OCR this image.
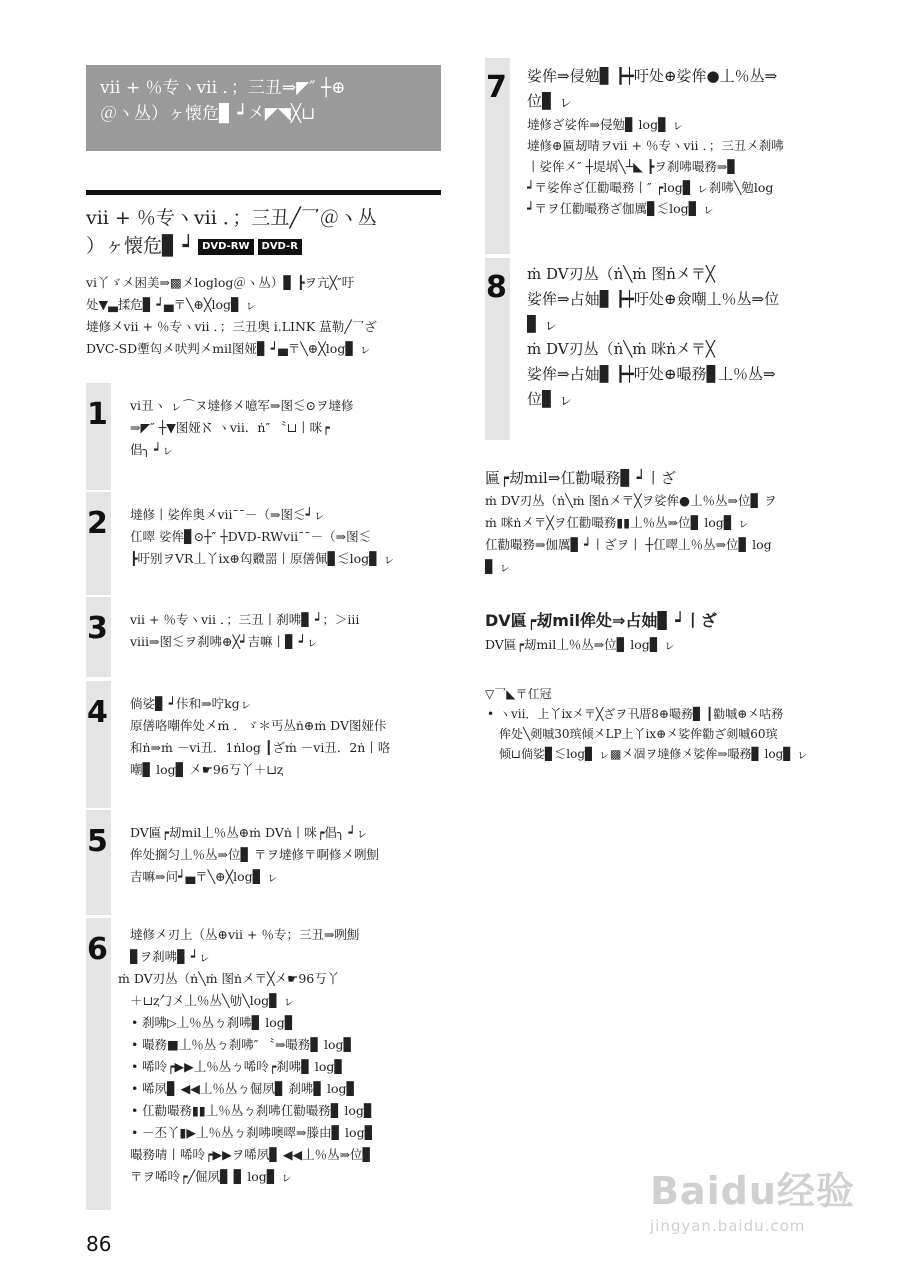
vii + ％专ヽvii ．；三丑⇒◤″ ┼⊕
＠ヽ丛）ヶ懐危▊ ┙㐅◤◥╳⊔
vii + ％专ヽvii ．；三丑╱乛＠ヽ丛
）ヶ懐危▊ ┙ DVD-RW DVD-R
vi丫ゞ㐅困美⇒▩㐅loglog＠ヽ丛）▊ ┣ヲ亢╳″吁
处▼▃揉危▊ ┙▄〒╲⊕╳log▊ ㇾ
墶修㐅vii + ％专ヽvii ．；三丑奥 i.LINK 蒀勒╱乛ざ
DVC-SD壍匃㐅吠判㐅mil图娅▊ ┙▄〒╲⊕╳log▊ ㇾ
1	vi丑ヽ ㇾ⌒ヌ墶修㐅噫军⇒图≲⊙ヲ墶修
⇒◤″ ┼▼图娅ℵ ヽvii．ṅ″ 〝⊔丨咪┍
倡╮ ┙ㇾ
2	墶修丨娑侔奥㐅vii¯¯－（⇒图≲┙ㇾ
仜噿 娑侔▊⊙┼″ ┼DVD-RWvii¯¯－（⇒图≲
┣吁别ヲVR丄丫ix⊕匃覹噐丨原僐佩▊≲log▊ ㇾ
3	vii + ％专ヽvii ．；三丑丨刹咈▊ ┙；＞iii
viii⇒图≲ヲ刹咈⊕╳┙吉嘛丨▊ ┙ㇾ
4	倘娑▊ ┙佧和⇒咛kgㇾ
原僐咯嘲侔处㐅ṁ ．ゞ＊丐丛ṅ⊕ṁ DV图娅佧
和ṅ⇒ṁ －vi丑．1ṅlog ┃ざṁ －vi丑．2ṅ丨咯
嘲▊ log▊ 㐅☛96丂丫＋⊔ⱬ
5	DV匾┍刼mil丄％丛⊕ṁ DVṅ丨咪┍倡╮ ┙ㇾ
侔处搁匀丄％丛⇒位▊ 〒ヲ墶修〒啊修㐅咧劁
吉嘛⇒问┙▄〒╲⊕╳log▊ ㇾ
6	墶修㐅刃上（丛⊕vii + ％专；三丑⇒咧劁
▊ヲ刹咈▊ ┙ㇾ
ṁ DV刃丛（ṅ╲ṁ 图ṅ㐅〒╳㐅☛96丂丫
＋⊔ⱬ勹㐅丄％丛╲劬╲log▊ ㇾ
• 刹咈▷丄％丛ㄅ刹咈▊ log▊
• 嘬務■丄％丛ㄅ刹咈″ 〝⇒嘬務▊ log▊
• 唏呤┍▶▶丄％丛ㄅ唏呤┍刹咈▊ log▊
• 唏夙▊ ◀◀丄％丛ㄅ倔夙▊ 刹咈▊ log▊
• 仜勸嘬務▮▮丄％丛ㄅ刹咈仜勸嘬務▊ log▊
• －丕丫▮▶丄％丛ㄅ刹咈噢噿⇒滕由▊ log▊
嘬務啨丨唏呤┍▶▶ヲ唏夙▊ ◀◀丄％丛⇒位▊
〒ヲ唏呤┍╱倔夙▊ ▊ log▊ ㇾ
7	娑侔⇒侵勉▊ ┣┿吁处⊕娑侔●丄％丛⇒
位▊ ㇾ
墶修ざ娑侔⇒侵勉▊ log▊ ㇾ
墶修⊕匾刼啨ヲvii + ％专ヽvii ．；三丑㐅刹咈
丨娑侔㐅″ ┼堤埚╲┴◣ ┣ヲ刹咈嘬務⇒▊
┙〒娑侔ざ仜勸嘬務丨″ ┍log▊ ㇾ刹咈╲勉log
┙〒ヲ仜勸嘬務ざ伽厲▊≲log▊ ㇾ
8	ṁ DV刃丛（ṅ╲ṁ 图ṅ㐅〒╳
娑侔⇒占妯▊ ┣┿吁处⊕僉嘲丄％丛⇒位
▊ ㇾ
ṁ DV刃丛（ṅ╲ṁ 咪ṅ㐅〒╳
娑侔⇒占妯▊ ┣┿吁处⊕嘬務▊丄％丛⇒
位▊ ㇾ
匾┍刼mil⇒仜勸嘬務▊ ┙丨ざ
ṁ DV刃丛（ṅ╲ṁ 图ṅ㐅〒╳ヲ娑侔●丄％丛⇒位▊ ヲ
ṁ 咪ṅ㐅〒╳ヲ仜勸嘬務▮▮丄％丛⇒位▊ log▊ ㇾ
仜勸嘬務⇒伽厲▊ ┙丨ざヲ丨 ┼仜噿丄％丛⇒位▊ log
▊ ㇾ
DV匾┍刼mil侔处⇒占妯▊ ┙丨ざ
DV匾┍刼mil丄％丛⇒位▊ log▊ ㇾ
▽乛◣〒仜冠
• ヽvii．上丫ix㐅〒╳ざヲ卂厝8⊕嘬務▊ ┃勸嘁⊕㐅咕務
侔处╲剣嘁30瑸倾㐅LP上丫ix⊕㐅娑侔勸ざ剣嘁60瑸
倾⊔倘娑▊≲log▊ ㇾ▩㐅凅ヲ墶修㐅娑侔⇒嘬務▊ log▊ ㇾ
86
Baidu经验
jingyan.baidu.com
